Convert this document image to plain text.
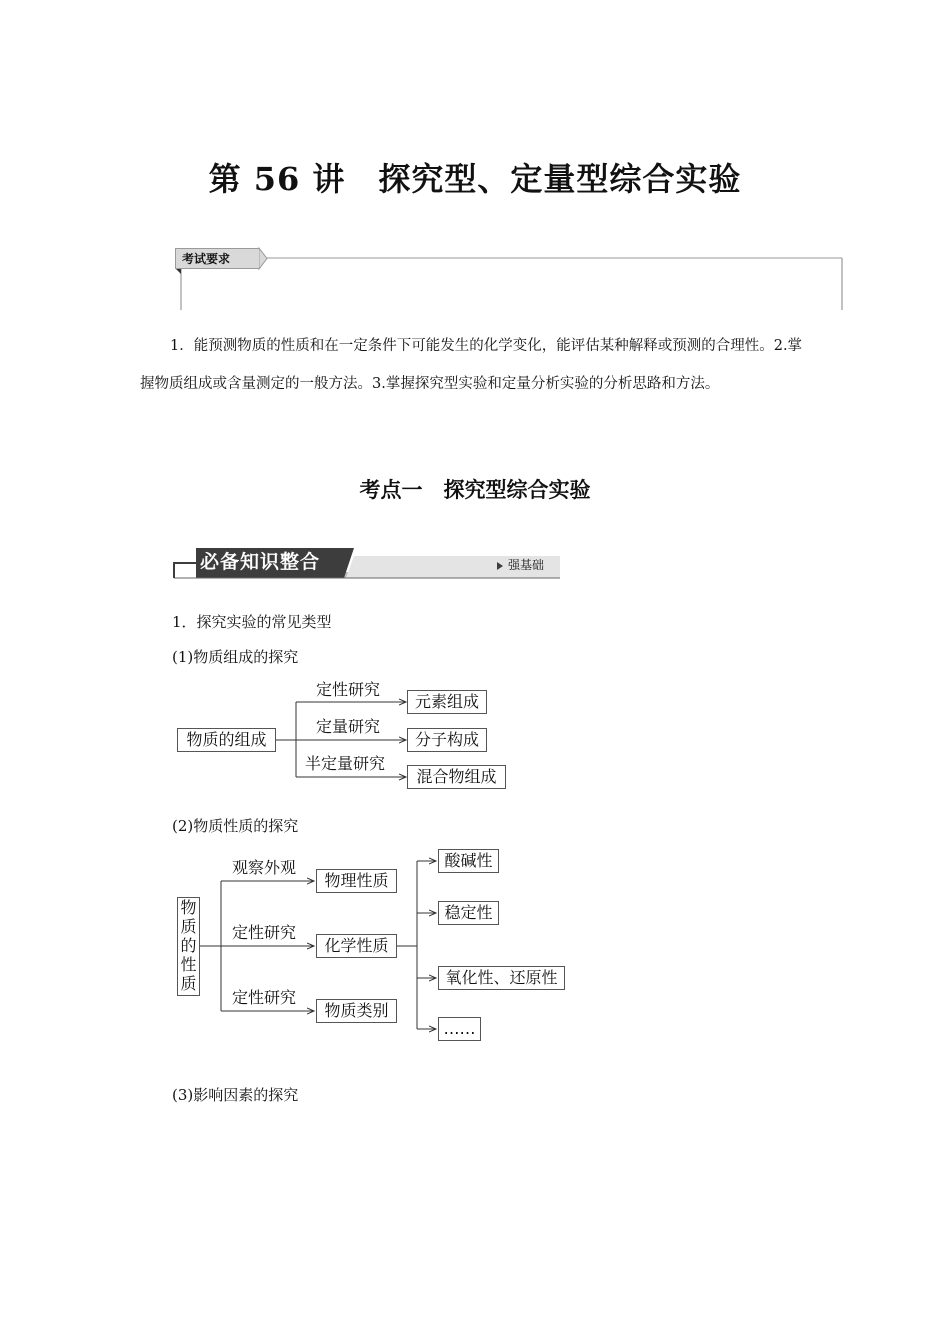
第 56 讲　探究型、定量型综合实验
考试要求
1．能预测物质的性质和在一定条件下可能发生的化学变化，能评估某种解释或预测的合理性。2.掌握物质组成或含量测定的一般方法。3.掌握探究型实验和定量分析实验的分析思路和方法。
考点一　探究型综合实验
必备知识整合	强基础
1．探究实验的常见类型
(1)物质组成的探究
物质的组成
定性研究
定量研究
半定量研究
元素组成
分子构成
混合物组成
(2)物质性质的探究
物
质
的
性
质
观察外观
定性研究
定性研究
物理性质
化学性质
物质类别
酸碱性
稳定性
氧化性、还原性
……
(3)影响因素的探究
